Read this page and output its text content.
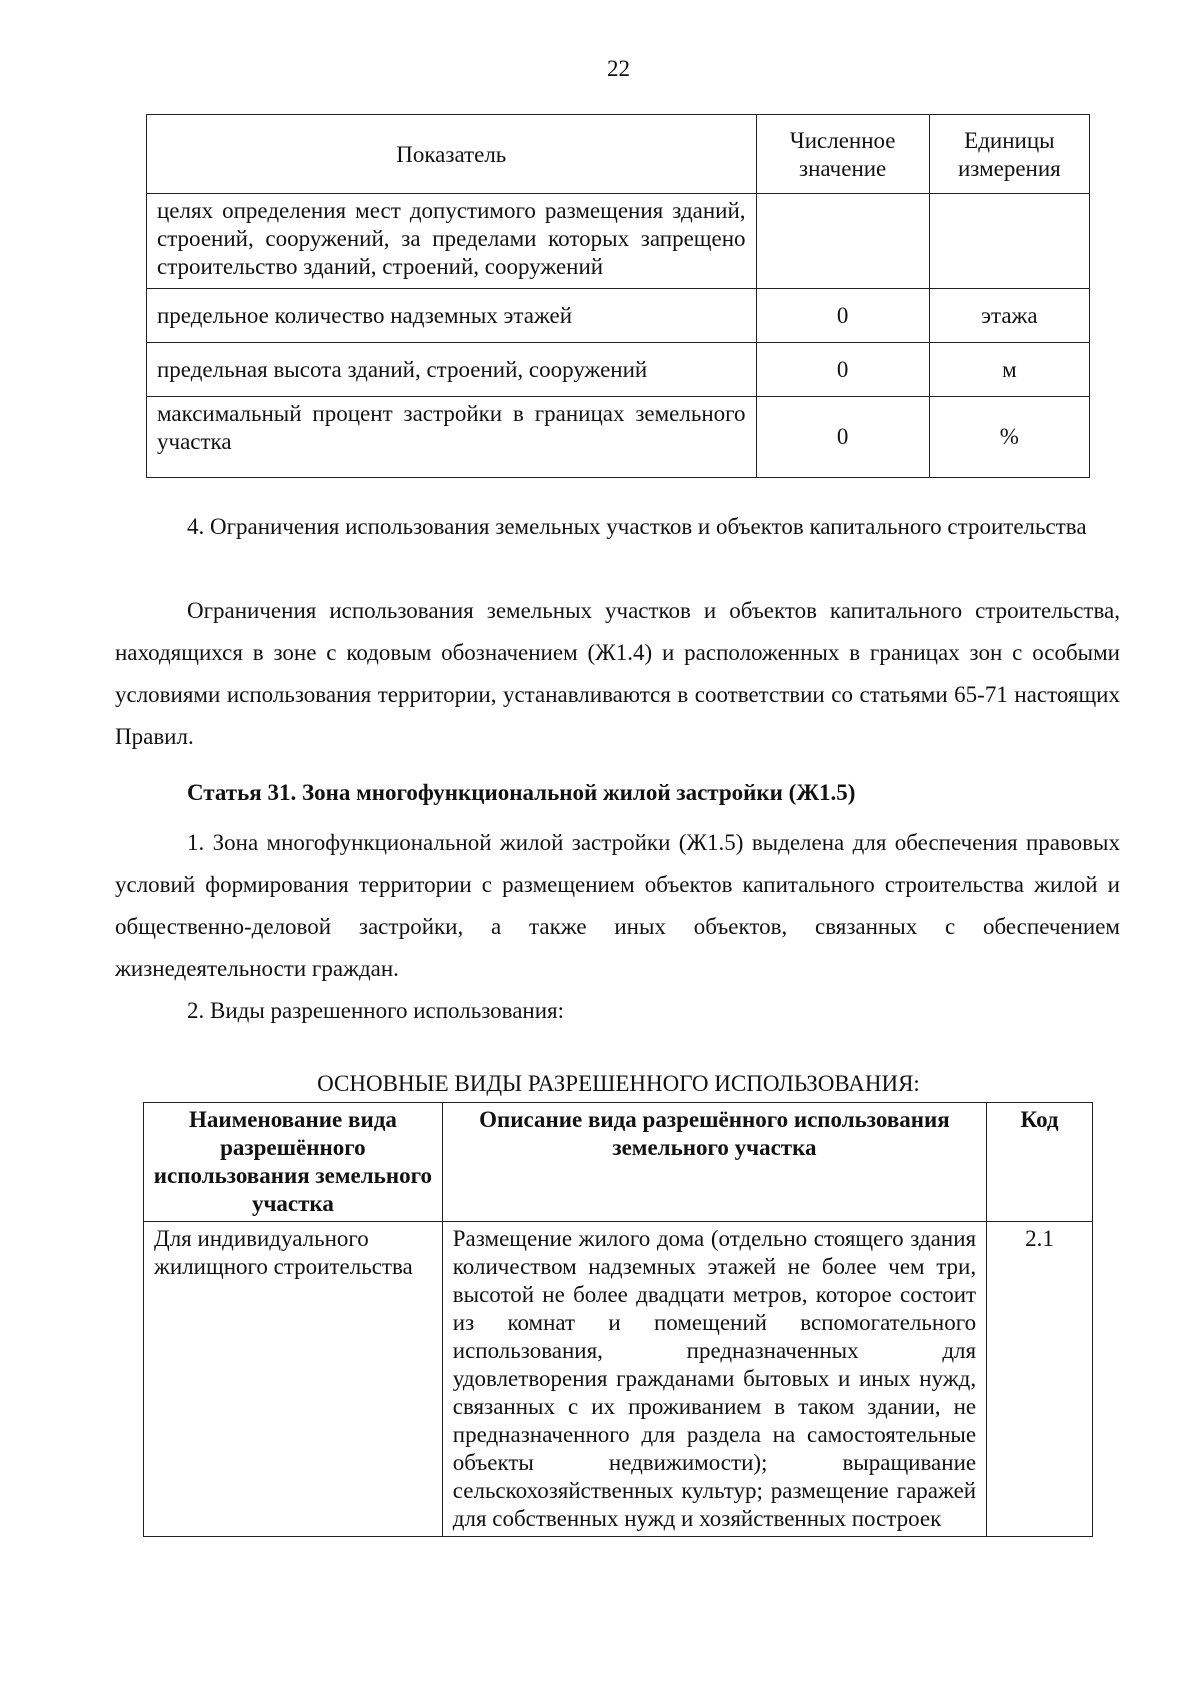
22
Показатель	Численное значение	Единицы измерения
целях определения мест допустимого размещения зданий, строений, сооружений, за пределами которых запрещено строительство зданий, строений, сооружений		
предельное количество надземных этажей	0	этажа
предельная высота зданий, строений, сооружений	0	м
максимальный процент застройки в границах земельного участка	0	%

4. Ограничения использования земельных участков и объектов капитального строительства

Ограничения использования земельных участков и объектов капитального строительства, находящихся в зоне с кодовым обозначением (Ж1.4) и расположенных в границах зон с особыми условиями использования территории, устанавливаются в соответствии со статьями 65-71 настоящих Правил.

Статья 31. Зона многофункциональной жилой застройки (Ж1.5)

1. Зона многофункциональной жилой застройки (Ж1.5) выделена для обеспечения правовых условий формирования территории с размещением объектов капитального строительства жилой и общественно-деловой застройки, а также иных объектов, связанных с обеспечением жизнедеятельности граждан.

2. Виды разрешенного использования:

ОСНОВНЫЕ ВИДЫ РАЗРЕШЕННОГО ИСПОЛЬЗОВАНИЯ:
Наименование вида разрешённого использования земельного участка	Описание вида разрешённого использования земельного участка	Код
Для индивидуального жилищного строительства	Размещение жилого дома (отдельно стоящего здания количеством надземных этажей не более чем три, высотой не более двадцати метров, которое состоит из комнат и помещений вспомогательного использования, предназначенных для удовлетворения гражданами бытовых и иных нужд, связанных с их проживанием в таком здании, не предназначенного для раздела на самостоятельные объекты недвижимости); выращивание сельскохозяйственных культур; размещение гаражей для собственных нужд и хозяйственных построек	2.1
